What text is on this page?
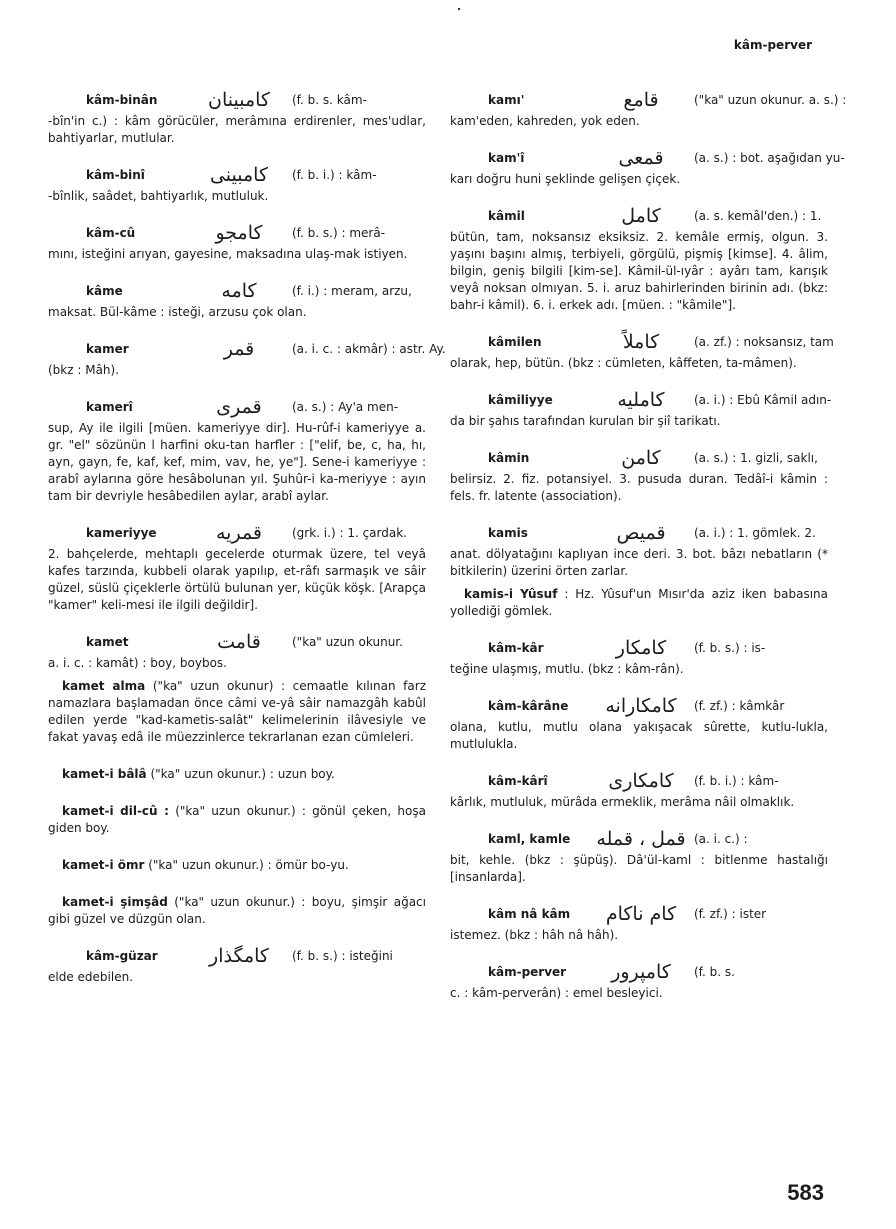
kâm-perver
kâm-binân	کامبینان	(f. b. s. kâm-
-bîn'in c.) : kâm görücüler, merâmına erdirenler, mes'udlar, bahtiyarlar, mutlular.
kâm-binî	کامبینی	(f. b. i.) : kâm-
-bînlik, saâdet, bahtiyarlık, mutluluk.
kâm-cû	کامجو	(f. b. s.) : merâ-
mını, isteğini arıyan, gayesine, maksadına ulaş-mak istiyen.
kâme	کامه	(f. i.) : meram, arzu,
maksat. Bül-kâme : isteği, arzusu çok olan.
kamer	قمر	(a. i. c. : akmâr) : astr. Ay.
(bkz : Mâh).
kamerî	قمری	(a. s.) : Ay'a men-
sup, Ay ile ilgili [müen. kameriyye dir]. Hu-rûf-i kameriyye a. gr. "el" sözünün l harfini oku-tan harfler : ["elif, be, c, ha, hı, ayn, gayn, fe, kaf, kef, mim, vav, he, ye"]. Sene-i kameriyye : arabî aylarına göre hesâbolunan yıl. Şuhûr-i ka-meriyye : ayın tam bir devriyle hesâbedilen aylar, arabî aylar.
kameriyye	قمریه	(grk. i.) : 1. çardak.
2. bahçelerde, mehtaplı gecelerde oturmak üzere, tel veyâ kafes tarzında, kubbeli olarak yapılıp, et-râfı sarmaşık ve sâir güzel, süslü çiçeklerle örtülü bulunan yer, küçük köşk. [Arapça "kamer" keli-mesi ile ilgili değildir].
kamet	قامت	("ka" uzun okunur.
a. i. c. : kamât) : boy, boybos.
kamet alma ("ka" uzun okunur) : cemaatle kılınan farz namazlara başlamadan önce câmi ve-yâ sâir namazgâh kabûl edilen yerde "kad-kametis-salât" kelimelerinin ilâvesiyle ve fakat yavaş edâ ile müezzinlerce tekrarlanan ezan cümleleri.
kamet-i bâlâ ("ka" uzun okunur.) : uzun boy.
kamet-i dil-cû : ("ka" uzun okunur.) : gönül çeken, hoşa giden boy.
kamet-i ömr ("ka" uzun okunur.) : ömür bo-yu.
kamet-i şimşâd ("ka" uzun okunur.) : boyu, şimşir ağacı gibi güzel ve düzgün olan.
kâm-güzar	کامگذار	(f. b. s.) : isteğini
elde edebilen.
kamı'	قامع	("ka" uzun okunur. a. s.) :
kam'eden, kahreden, yok eden.
kam'î	قمعی	(a. s.) : bot. aşağıdan yu-
karı doğru huni şeklinde gelişen çiçek.
kâmil	کامل	(a. s. kemâl'den.) : 1.
bütün, tam, noksansız eksiksiz. 2. kemâle ermiş, olgun. 3. yaşını başını almış, terbiyeli, görgülü, pişmiş [kimse]. 4. âlim, bilgin, geniş bilgili [kim-se]. Kâmil-ül-ıyâr : ayârı tam, karışık veyâ noksan olmıyan. 5. i. aruz bahirlerinden birinin adı. (bkz: bahr-i kâmil). 6. i. erkek adı. [müen. : "kâmile"].
kâmilen	کاملاً	(a. zf.) : noksansız, tam
olarak, hep, bütün. (bkz : cümleten, kâffeten, ta-mâmen).
kâmiliyye	کاملیه	(a. i.) : Ebû Kâmil adın-
da bir şahıs tarafından kurulan bir şiî tarikatı.
kâmin	کامن	(a. s.) : 1. gizli, saklı,
belirsiz. 2. fiz. potansiyel. 3. pusuda duran. Tedâî-i kâmin : fels. fr. latente (association).
kamis	قمیص	(a. i.) : 1. gömlek. 2.
anat. dölyatağını kaplıyan ince deri. 3. bot. bâzı nebatların (* bitkilerin) üzerini örten zarlar.
kamis-i Yûsuf : Hz. Yûsuf'un Mısır'da aziz iken babasına yollediği gömlek.
kâm-kâr	کامکار	(f. b. s.) : is-
teğine ulaşmış, mutlu. (bkz : kâm-rân).
kâm-kârâne	کامکارانه	(f. zf.) : kâmkâr
olana, kutlu, mutlu olana yakışacak sûrette, kutlu-lukla, mutlulukla.
kâm-kârî	کامکاری	(f. b. i.) : kâm-
kârlık, mutluluk, mürâda ermeklik, merâma nâil olmaklık.
kaml, kamle	قمل ، قمله (a. i. c.) :
bit, kehle. (bkz : şüpüş). Dâ'ül-kaml : bitlenme hastalığı [insanlarda].
kâm nâ kâm	کام ناکام	(f. zf.) : ister
istemez. (bkz : hâh nâ hâh).
kâm-perver	کامپرور	(f. b. s.
c. : kâm-perverân) : emel besleyici.
583
